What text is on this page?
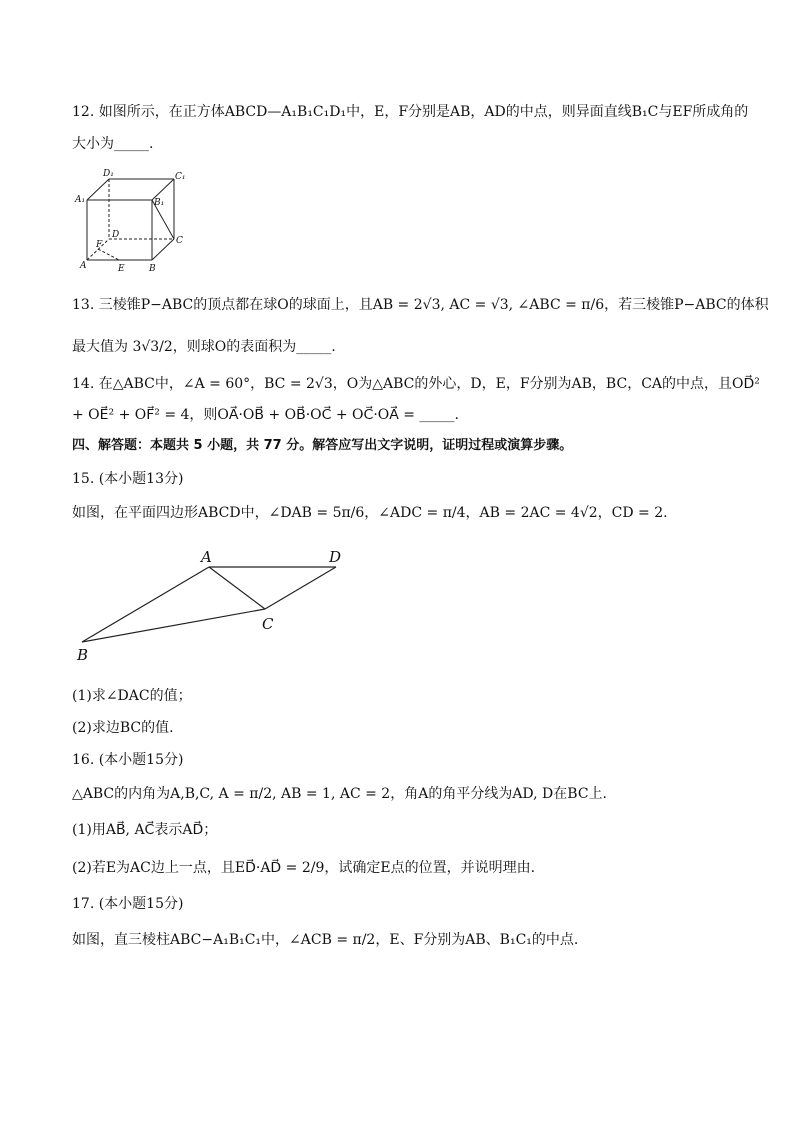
12. 如图所示，在正方体ABCD—A₁B₁C₁D₁中，E，F分别是AB，AD的中点，则异面直线B₁C与EF所成角的
大小为_____.
D₁	C₁
A₁	B₁
D
C
F
A	E	B
13. 三棱锥P−ABC的顶点都在球O的球面上，且AB = 2√3, AC = √3, ∠ABC = π/6，若三棱锥P−ABC的体积
最大值为 3√3/2，则球O的表面积为_____.
14. 在△ABC中，∠A = 60°，BC = 2√3，O为△ABC的外心，D，E，F分别为AB，BC，CA的中点，且OD⃗²
+ OE⃗² + OF⃗² = 4，则OA⃗·OB⃗ + OB⃗·OC⃗ + OC⃗·OA⃗ = _____.
四、解答题：本题共 5 小题，共 77 分。解答应写出文字说明，证明过程或演算步骤。
15. (本小题13分)
如图，在平面四边形ABCD中，∠DAB = 5π/6，∠ADC = π/4，AB = 2AC = 4√2，CD = 2.
A	D
C
B
(1)求∠DAC的值；
(2)求边BC的值.
16. (本小题15分)
△ABC的内角为A,B,C, A = π/2, AB = 1, AC = 2，角A的角平分线为AD, D在BC上.
(1)用AB⃗, AC⃗表示AD⃗；
(2)若E为AC边上一点，且ED⃗·AD⃗ = 2/9，试确定E点的位置，并说明理由.
17. (本小题15分)
如图，直三棱柱ABC−A₁B₁C₁中，∠ACB = π/2，E、F分别为AB、B₁C₁的中点.
